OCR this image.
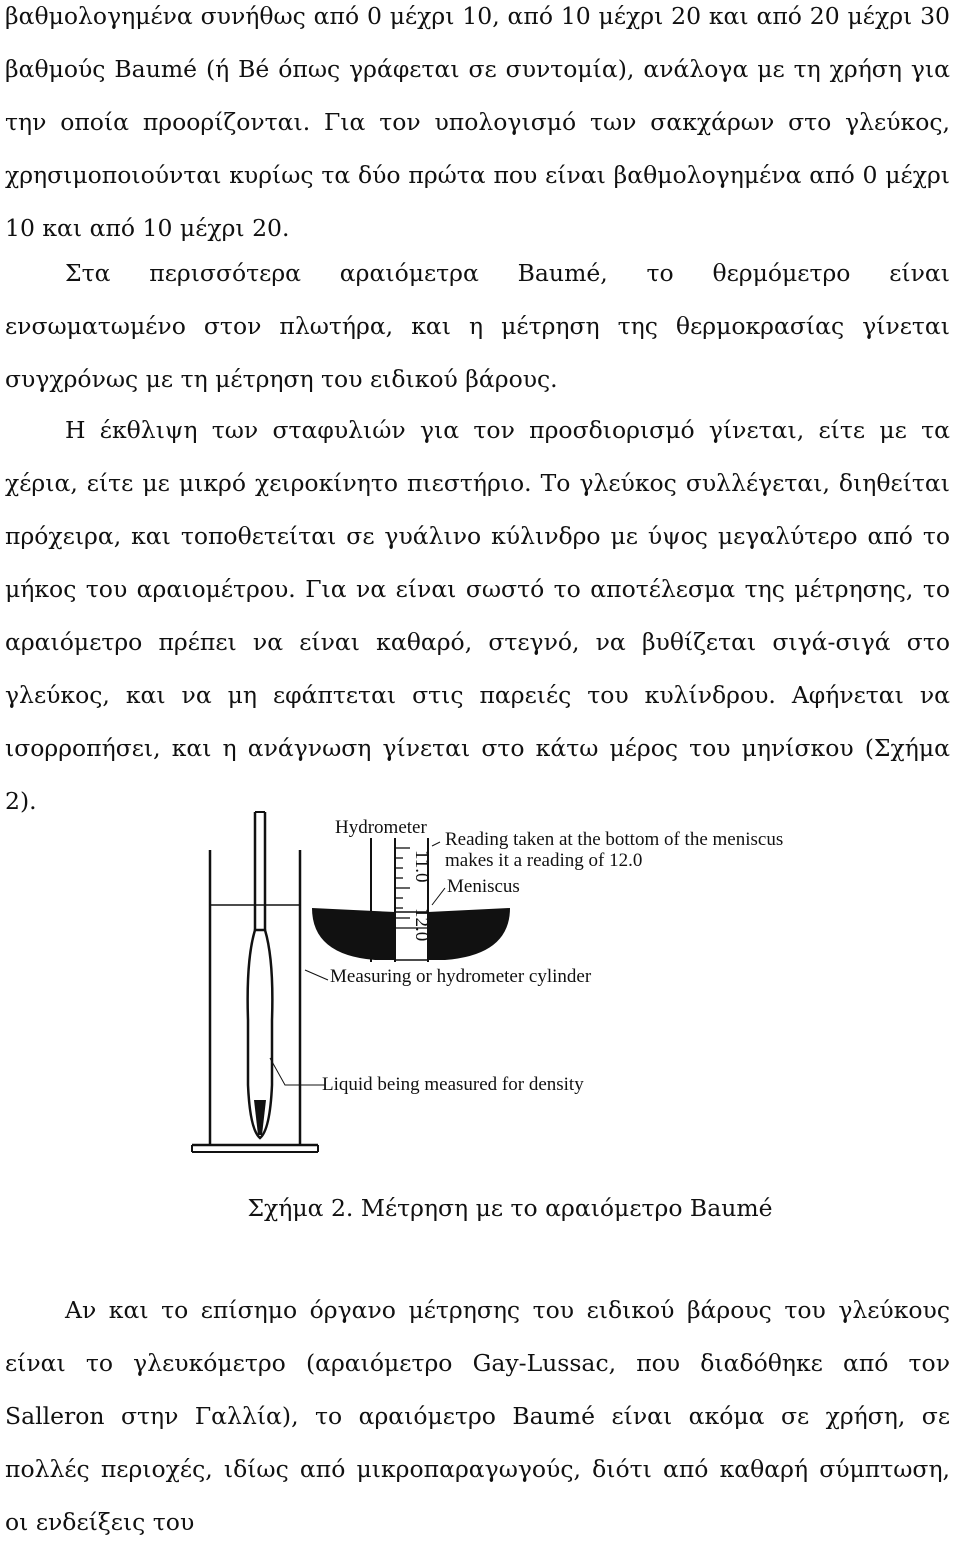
βαθμολογημένα συνήθως από 0 μέχρι 10, από 10 μέχρι 20 και από 20 μέχρι 30 βαθμούς Baumé (ή Bé όπως γράφεται σε συντομία), ανάλογα με τη χρήση για την οποία προορίζονται. Για τον υπολογισμό των σακχάρων στο γλεύκος, χρησιμοποιούνται κυρίως τα δύο πρώτα που είναι βαθμολογημένα από 0 μέχρι 10 και από 10 μέχρι 20.

Στα περισσότερα αραιόμετρα Baumé, το θερμόμετρο είναι ενσωματωμένο στον πλωτήρα, και η μέτρηση της θερμοκρασίας γίνεται συγχρόνως με τη μέτρηση του ειδικού βάρους.

Η έκθλιψη των σταφυλιών για τον προσδιορισμό γίνεται, είτε με τα χέρια, είτε με μικρό χειροκίνητο πιεστήριο. Το γλεύκος συλλέγεται, διηθείται πρόχειρα, και τοποθετείται σε γυάλινο κύλινδρο με ύψος μεγαλύτερο από το μήκος του αραιομέτρου. Για να είναι σωστό το αποτέλεσμα της μέτρησης, το αραιόμετρο πρέπει να είναι καθαρό, στεγνό, να βυθίζεται σιγά-σιγά στο γλεύκος, και να μη εφάπτεται στις παρειές του κυλίνδρου. Αφήνεται να ισορροπήσει, και η ανάγνωση γίνεται στο κάτω μέρος του μηνίσκου (Σχήμα 2).

11.0
12.0
Hydrometer
Reading taken at the bottom of the meniscus
makes it a reading of 12.0
Meniscus
Measuring or hydrometer cylinder
Liquid being measured for density
Σχήμα 2. Μέτρηση με το αραιόμετρο Baumé

Αν και το επίσημο όργανο μέτρησης του ειδικού βάρους του γλεύκους είναι το γλευκόμετρο (αραιόμετρο Gay-Lussac, που διαδόθηκε από τον Salleron στην Γαλλία), το αραιόμετρο Baumé είναι ακόμα σε χρήση, σε πολλές περιοχές, ιδίως από μικροπαραγωγούς, διότι από καθαρή σύμπτωση, οι ενδείξεις του
